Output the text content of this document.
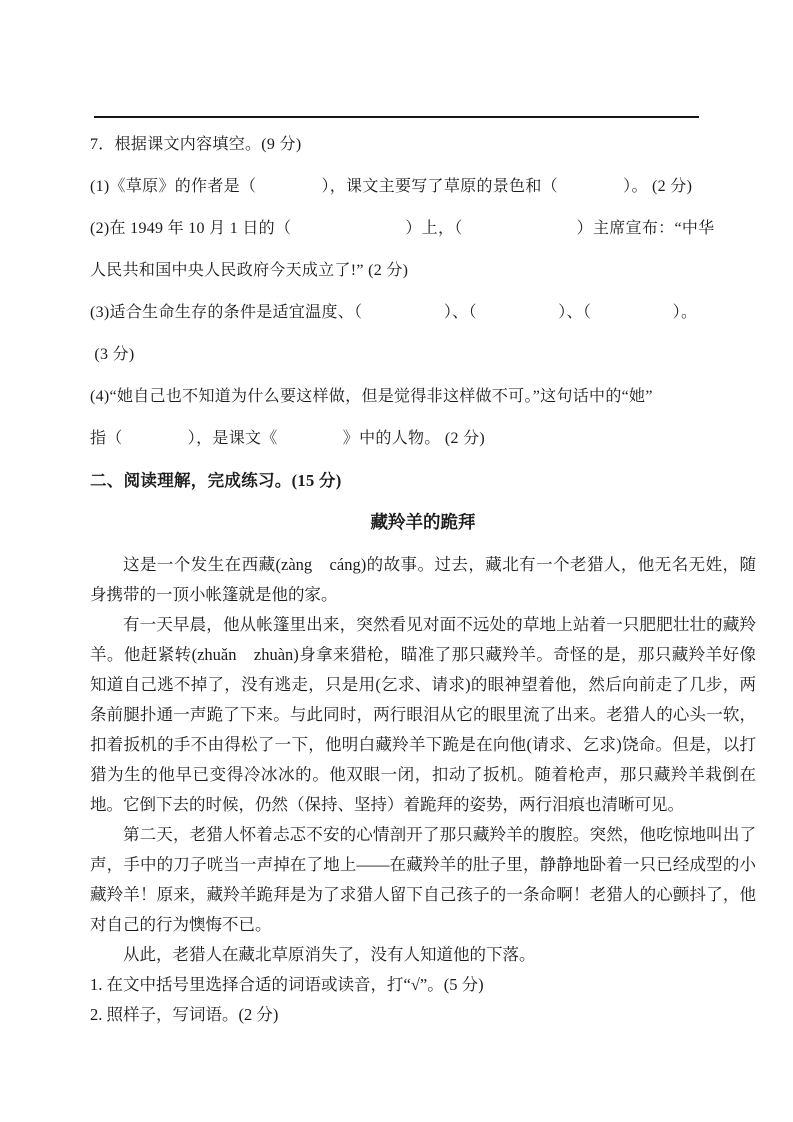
7．根据课文内容填空。(9 分)
(1)《草原》的作者是（　　　　），课文主要写了草原的景色和（　　　　）。 (2 分)
(2)在 1949 年 10 月 1 日的（　　　　　　　）上，（　　　　　　　）主席宣布：“中华
人民共和国中央人民政府今天成立了!” (2 分)
(3)适合生命生存的条件是适宜温度、（　　　　　）、（　　　　　）、（　　　　　）。
(3 分)
(4)“她自己也不知道为什么要这样做，但是觉得非这样做不可。”这句话中的“她”
指（　　　　），是课文《　　　　》中的人物。 (2 分)
二、阅读理解，完成练习。(15 分)
藏羚羊的跪拜
这是一个发生在西藏(zàng　cáng)的故事。过去，藏北有一个老猎人，他无名无姓，随身携带的一顶小帐篷就是他的家。
有一天早晨，他从帐篷里出来，突然看见对面不远处的草地上站着一只肥肥壮壮的藏羚羊。他赶紧转(zhuǎn　zhuàn)身拿来猎枪，瞄准了那只藏羚羊。奇怪的是，那只藏羚羊好像知道自己逃不掉了，没有逃走，只是用(乞求、请求)的眼神望着他，然后向前走了几步，两条前腿扑通一声跪了下来。与此同时，两行眼泪从它的眼里流了出来。老猎人的心头一软，扣着扳机的手不由得松了一下，他明白藏羚羊下跪是在向他(请求、乞求)饶命。但是，以打猎为生的他早已变得冷冰冰的。他双眼一闭，扣动了扳机。随着枪声，那只藏羚羊栽倒在地。它倒下去的时候，仍然（保持、坚持）着跪拜的姿势，两行泪痕也清晰可见。
第二天，老猎人怀着忐忑不安的心情剖开了那只藏羚羊的腹腔。突然，他吃惊地叫出了声，手中的刀子咣当一声掉在了地上——在藏羚羊的肚子里，静静地卧着一只已经成型的小藏羚羊！原来，藏羚羊跪拜是为了求猎人留下自己孩子的一条命啊！老猎人的心颤抖了，他对自己的行为懊悔不已。
从此，老猎人在藏北草原消失了，没有人知道他的下落。
1. 在文中括号里选择合适的词语或读音，打“√”。(5 分)
2. 照样子，写词语。(2 分)
